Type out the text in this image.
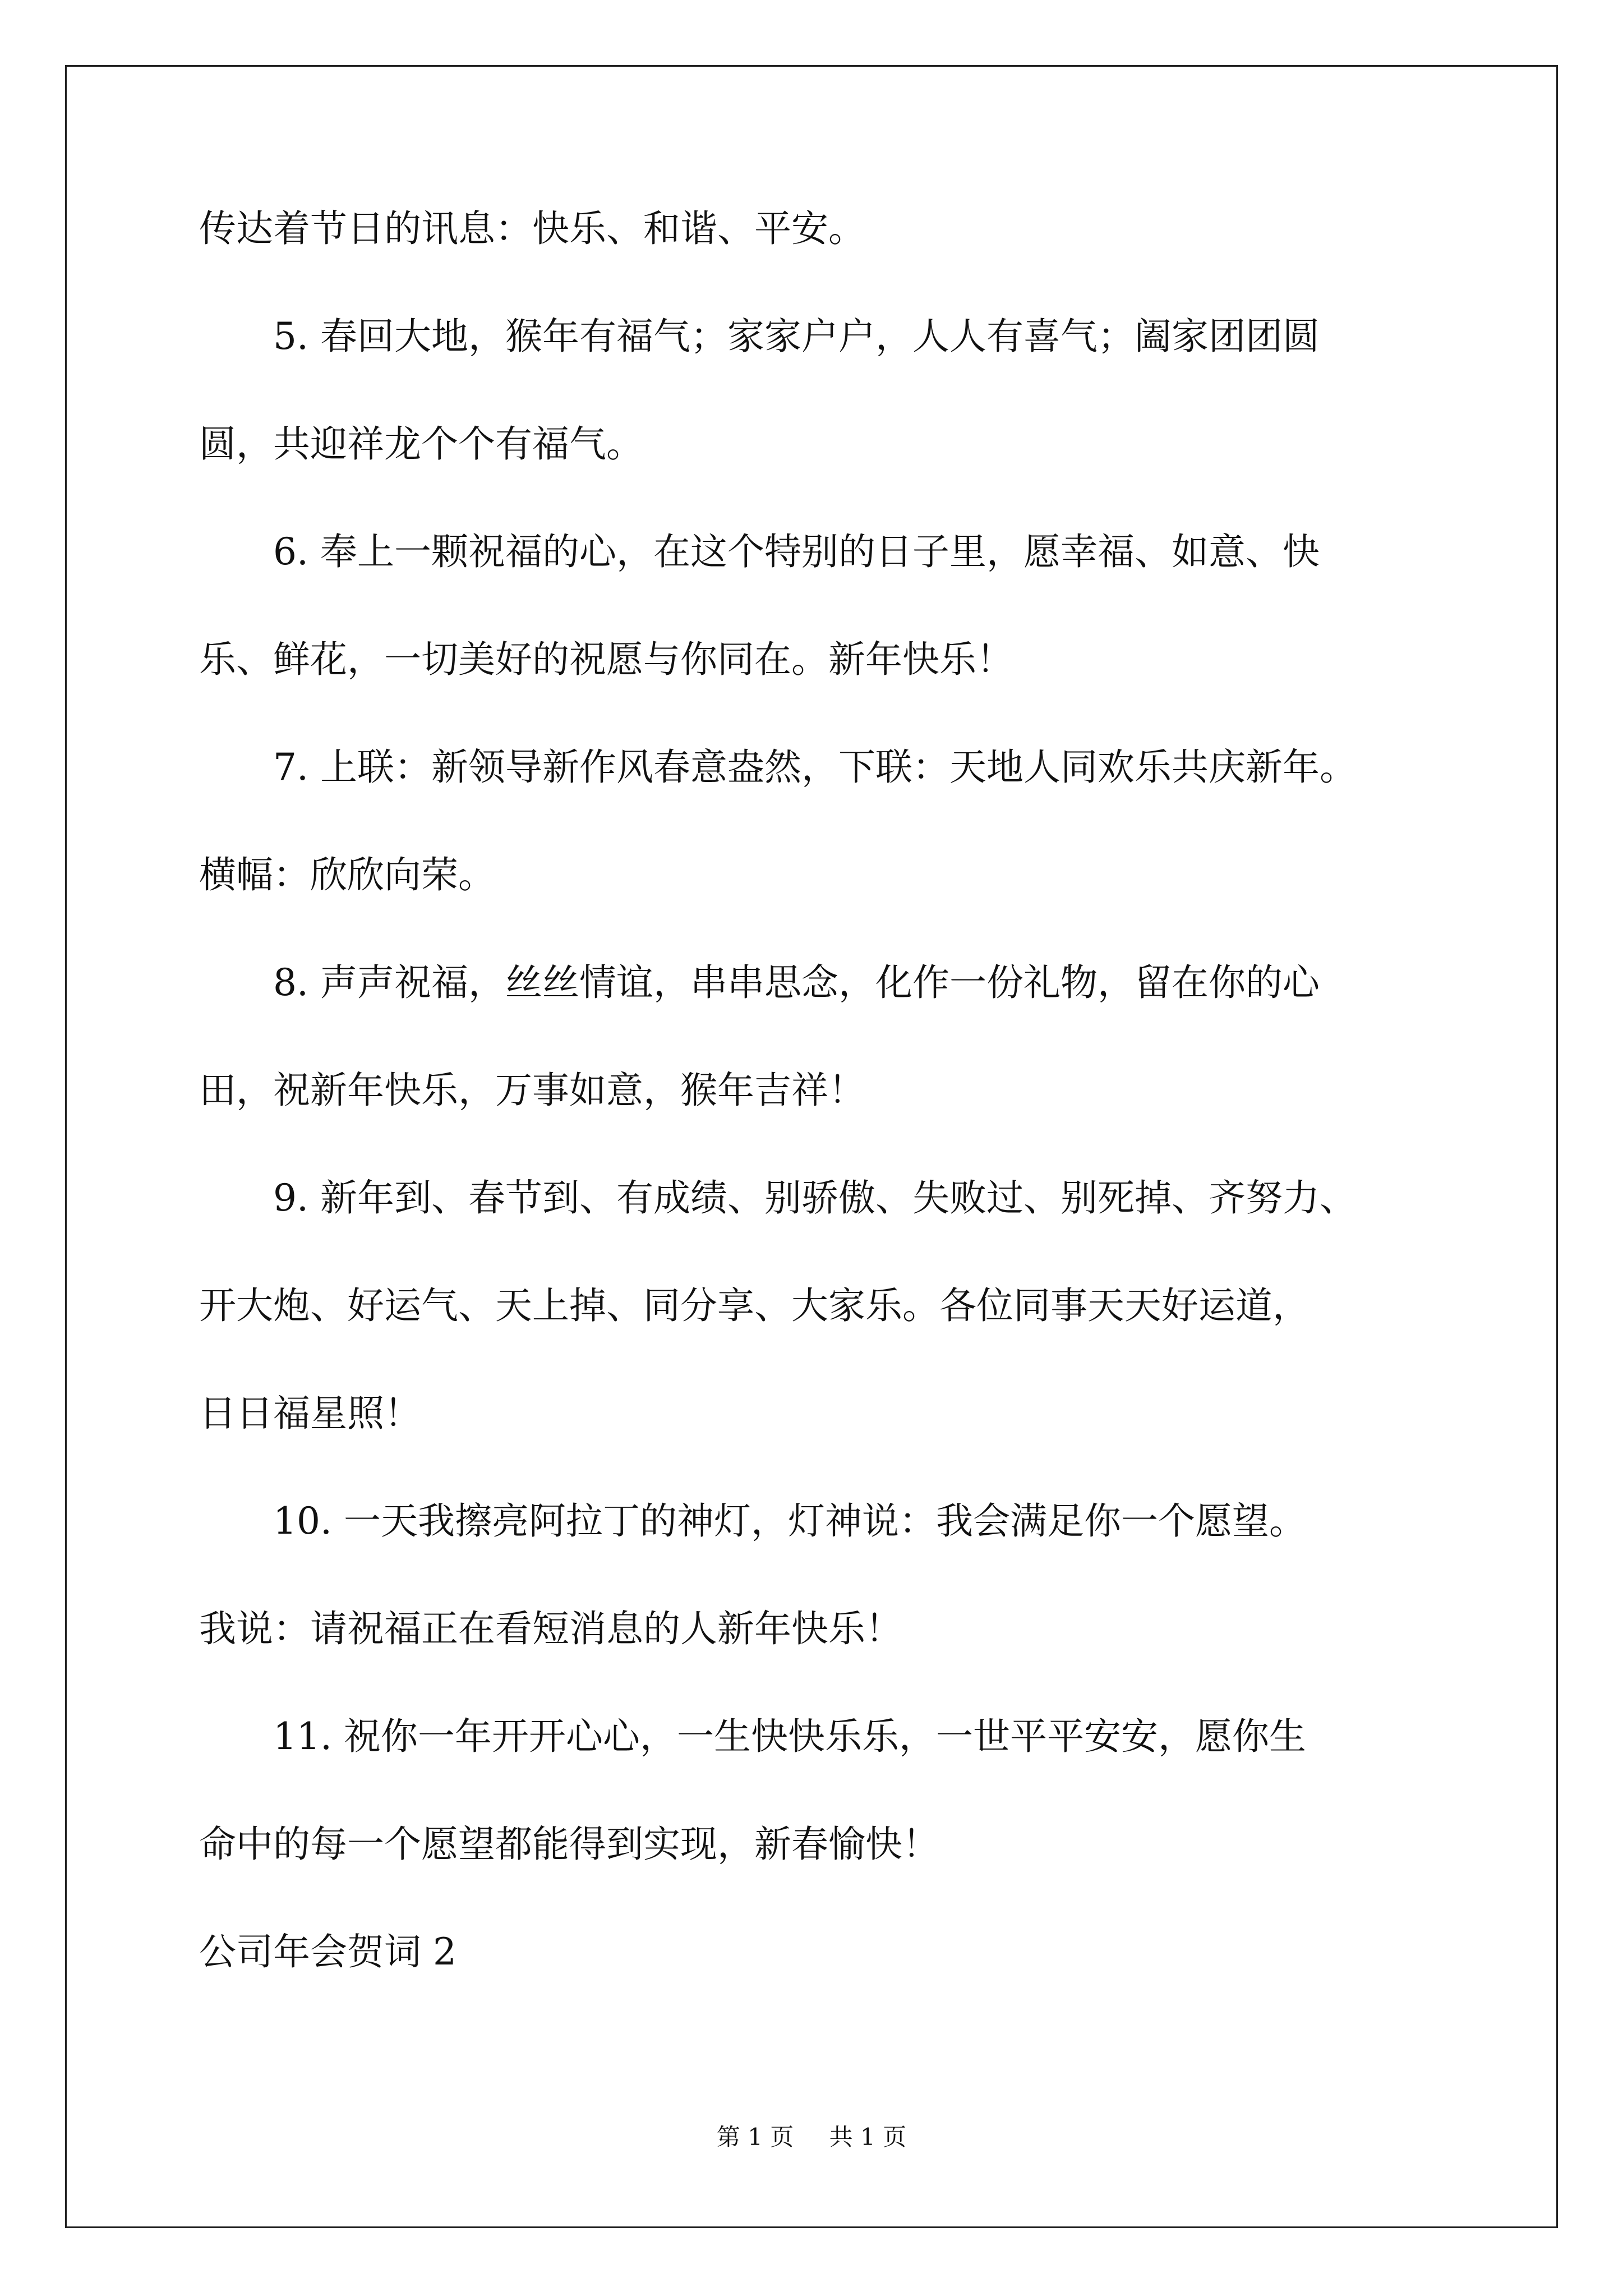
传达着节日的讯息：快乐、和谐、平安。
5. 春回大地，猴年有福气；家家户户，人人有喜气；阖家团团圆
圆，共迎祥龙个个有福气。
6. 奉上一颗祝福的心，在这个特别的日子里，愿幸福、如意、快
乐、鲜花，一切美好的祝愿与你同在。新年快乐！
7. 上联：新领导新作风春意盎然，下联：天地人同欢乐共庆新年。
横幅：欣欣向荣。
8. 声声祝福，丝丝情谊，串串思念，化作一份礼物，留在你的心
田，祝新年快乐，万事如意，猴年吉祥！
9. 新年到、春节到、有成绩、别骄傲、失败过、别死掉、齐努力、
开大炮、好运气、天上掉、同分享、大家乐。各位同事天天好运道，
日日福星照！
10. 一天我擦亮阿拉丁的神灯，灯神说：我会满足你一个愿望。
我说：请祝福正在看短消息的人新年快乐！
11. 祝你一年开开心心，一生快快乐乐，一世平平安安，愿你生
命中的每一个愿望都能得到实现，新春愉快！
公司年会贺词 2
第 1 页 共 1 页
